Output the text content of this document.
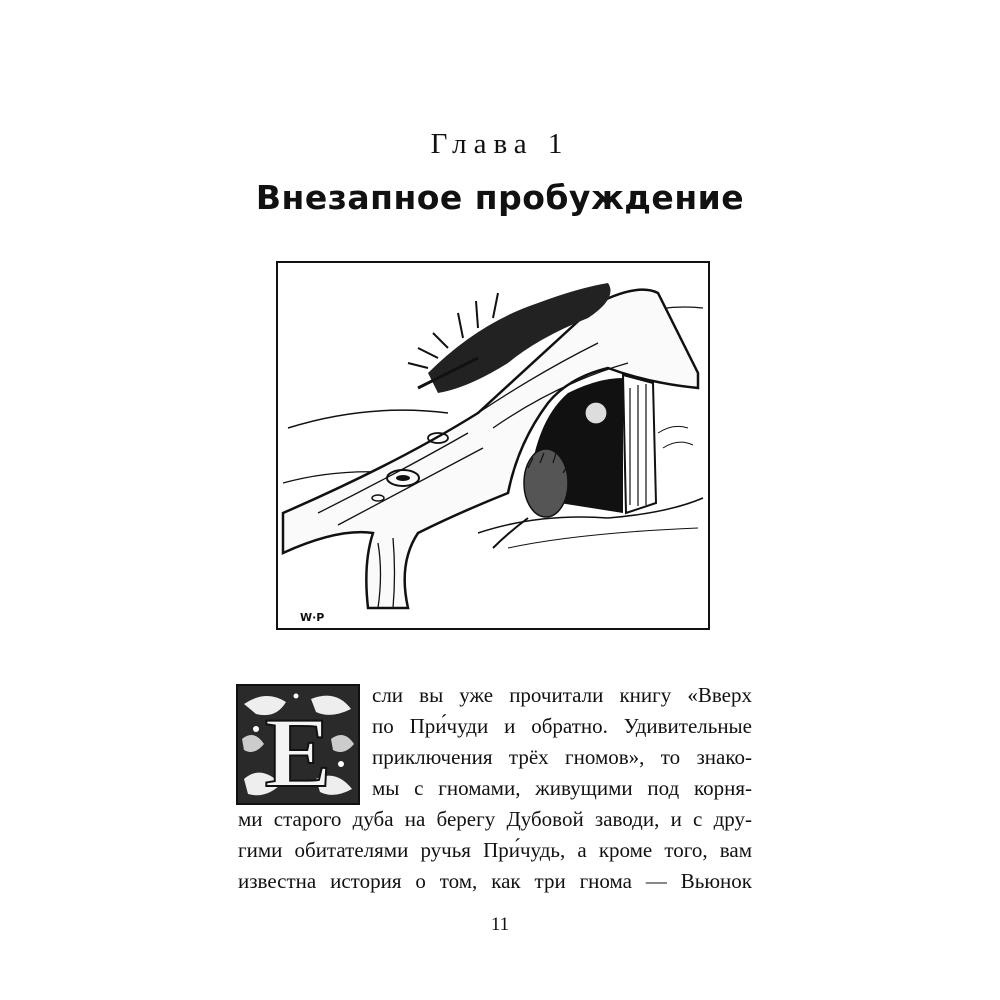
Глава 1
Внезапное пробуждение
W·P
Е
сли вы уже прочитали книгу «Вверх
по При́чуди и обратно. Удивительные
приключения трёх гномов», то знако-
мы с гномами, живущими под корня-
ми старого дуба на берегу Дубовой заводи, и с дру-
гими обитателями ручья При́чудь, а кроме того, вам
известна история о том, как три гнома — Вьюнок
11
